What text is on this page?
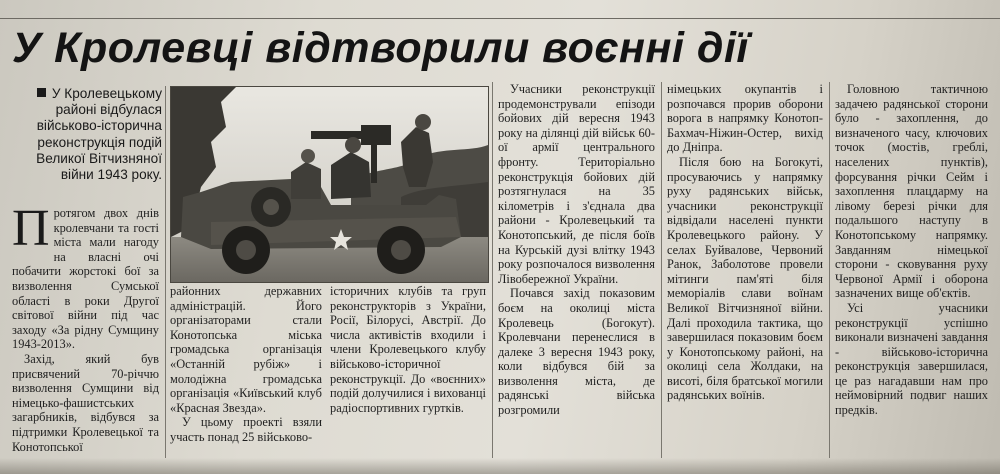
У Кролевці відтворили воєнні дії
У Кролевецькому районі відбулася військово-історична реконструкція подій Великої Вітчизняної війни 1943 року.

Протягом двох днів кролевчани та гості міста мали нагоду на власні очі побачити жорстокі бої за визволення Сумської області в роки Другої світової війни під час заходу «За рідну Сумщину 1943-2013».

Захід, який був присвячений 70-річчю визволення Сумщини від німецько-фашистських загарбників, відбувся за підтримки Кролевецької та Конотопської

районних державних адміністрацій. Його організаторами стали Конотопська міська громадська організація «Останній рубіж» і молодіжна громадська організація «Київський клуб «Красная Звезда».

У цьому проекті взяли участь понад 25 військово-

історичних клубів та груп реконструкторів з України, Росії, Білорусі, Австрії. До числа активістів входили і члени Кролевецького клубу військово-історичної реконструкції. До «воєнних» подій долучилися і вихованці радіоспортивних гуртків.

Учасники реконструкції продемонстрували епізоди бойових дій вересня 1943 року на ділянці дій військ 60-ої армії центрального фронту. Територіально реконструкція бойових дій розтягнулася на 35 кілометрів і з'єднала два райони - Кролевецький та Конотопський, де після боїв на Курській дузі влітку 1943 року розпочалося визволення Лівобережної України.

Почався захід показовим боєм на околиці міста Кролевець (Богокут). Кролевчани перенеслися в далеке 3 вересня 1943 року, коли відбувся бій за визволення міста, де радянські війська розгромили

німецьких окупантів і розпочався прорив оборони ворога в напрямку Конотоп-Бахмач-Ніжин-Остер, вихід до Дніпра.

Після бою на Богокуті, просуваючись у напрямку руху радянських військ, учасники реконструкції відвідали населені пункти Кролевецького району. У селах Буйвалове, Червоний Ранок, Заболотове провели мітинги пам'яті біля меморіалів слави воїнам Великої Вітчизняної війни. Далі проходила тактика, що завершилася показовим боєм у Конотопському районі, на околиці села Жолдаки, на висоті, біля братської могили радянських воїнів.

Головною тактичною задачею радянської сторони було - захоплення, до визначеного часу, ключових точок (мостів, греблі, населених пунктів), форсування річки Сейм і захоплення плацдарму на лівому березі річки для подальшого наступу в Конотопському напрямку. Завданням німецької сторони - сковування руху Червоної Армії і оборона зазначених вище об'єктів.

Усі учасники реконструкції успішно виконали визначені завдання - військово-історична реконструкція завершилася, це раз нагадавши нам про неймовірний подвиг наших предків.
